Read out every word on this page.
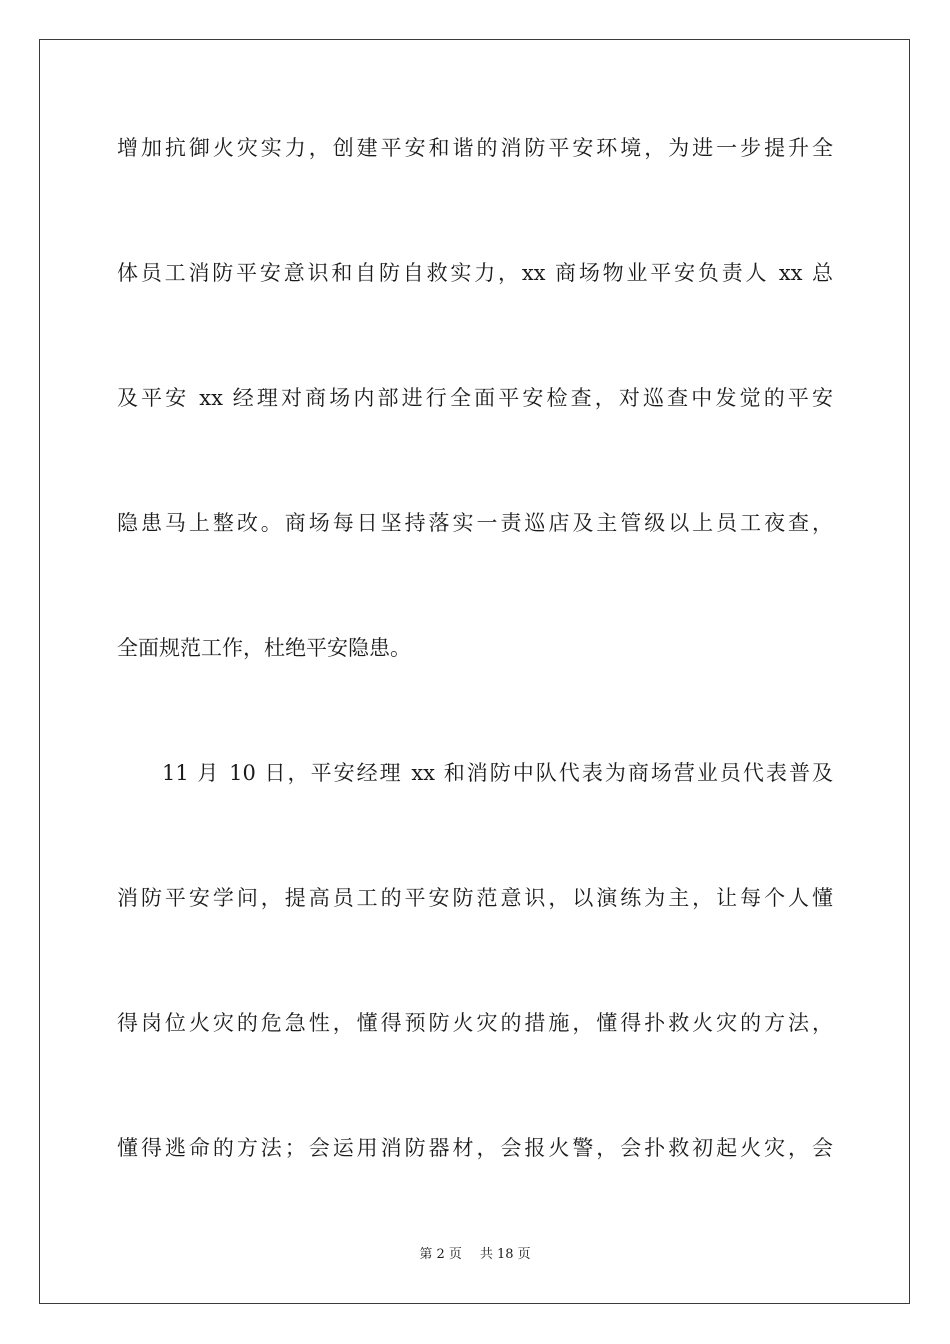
增加抗御火灾实力，创建平安和谐的消防平安环境，为进一步提升全
体员工消防平安意识和自防自救实力，xx 商场物业平安负责人 xx 总
及平安 xx 经理对商场内部进行全面平安检查，对巡查中发觉的平安
隐患马上整改。商场每日坚持落实一责巡店及主管级以上员工夜查，
全面规范工作，杜绝平安隐患。
11 月 10 日，平安经理 xx 和消防中队代表为商场营业员代表普及
消防平安学问，提高员工的平安防范意识，以演练为主，让每个人懂
得岗位火灾的危急性，懂得预防火灾的措施，懂得扑救火灾的方法，
懂得逃命的方法；会运用消防器材，会报火警，会扑救初起火灾，会
第 2 页 共 18 页
